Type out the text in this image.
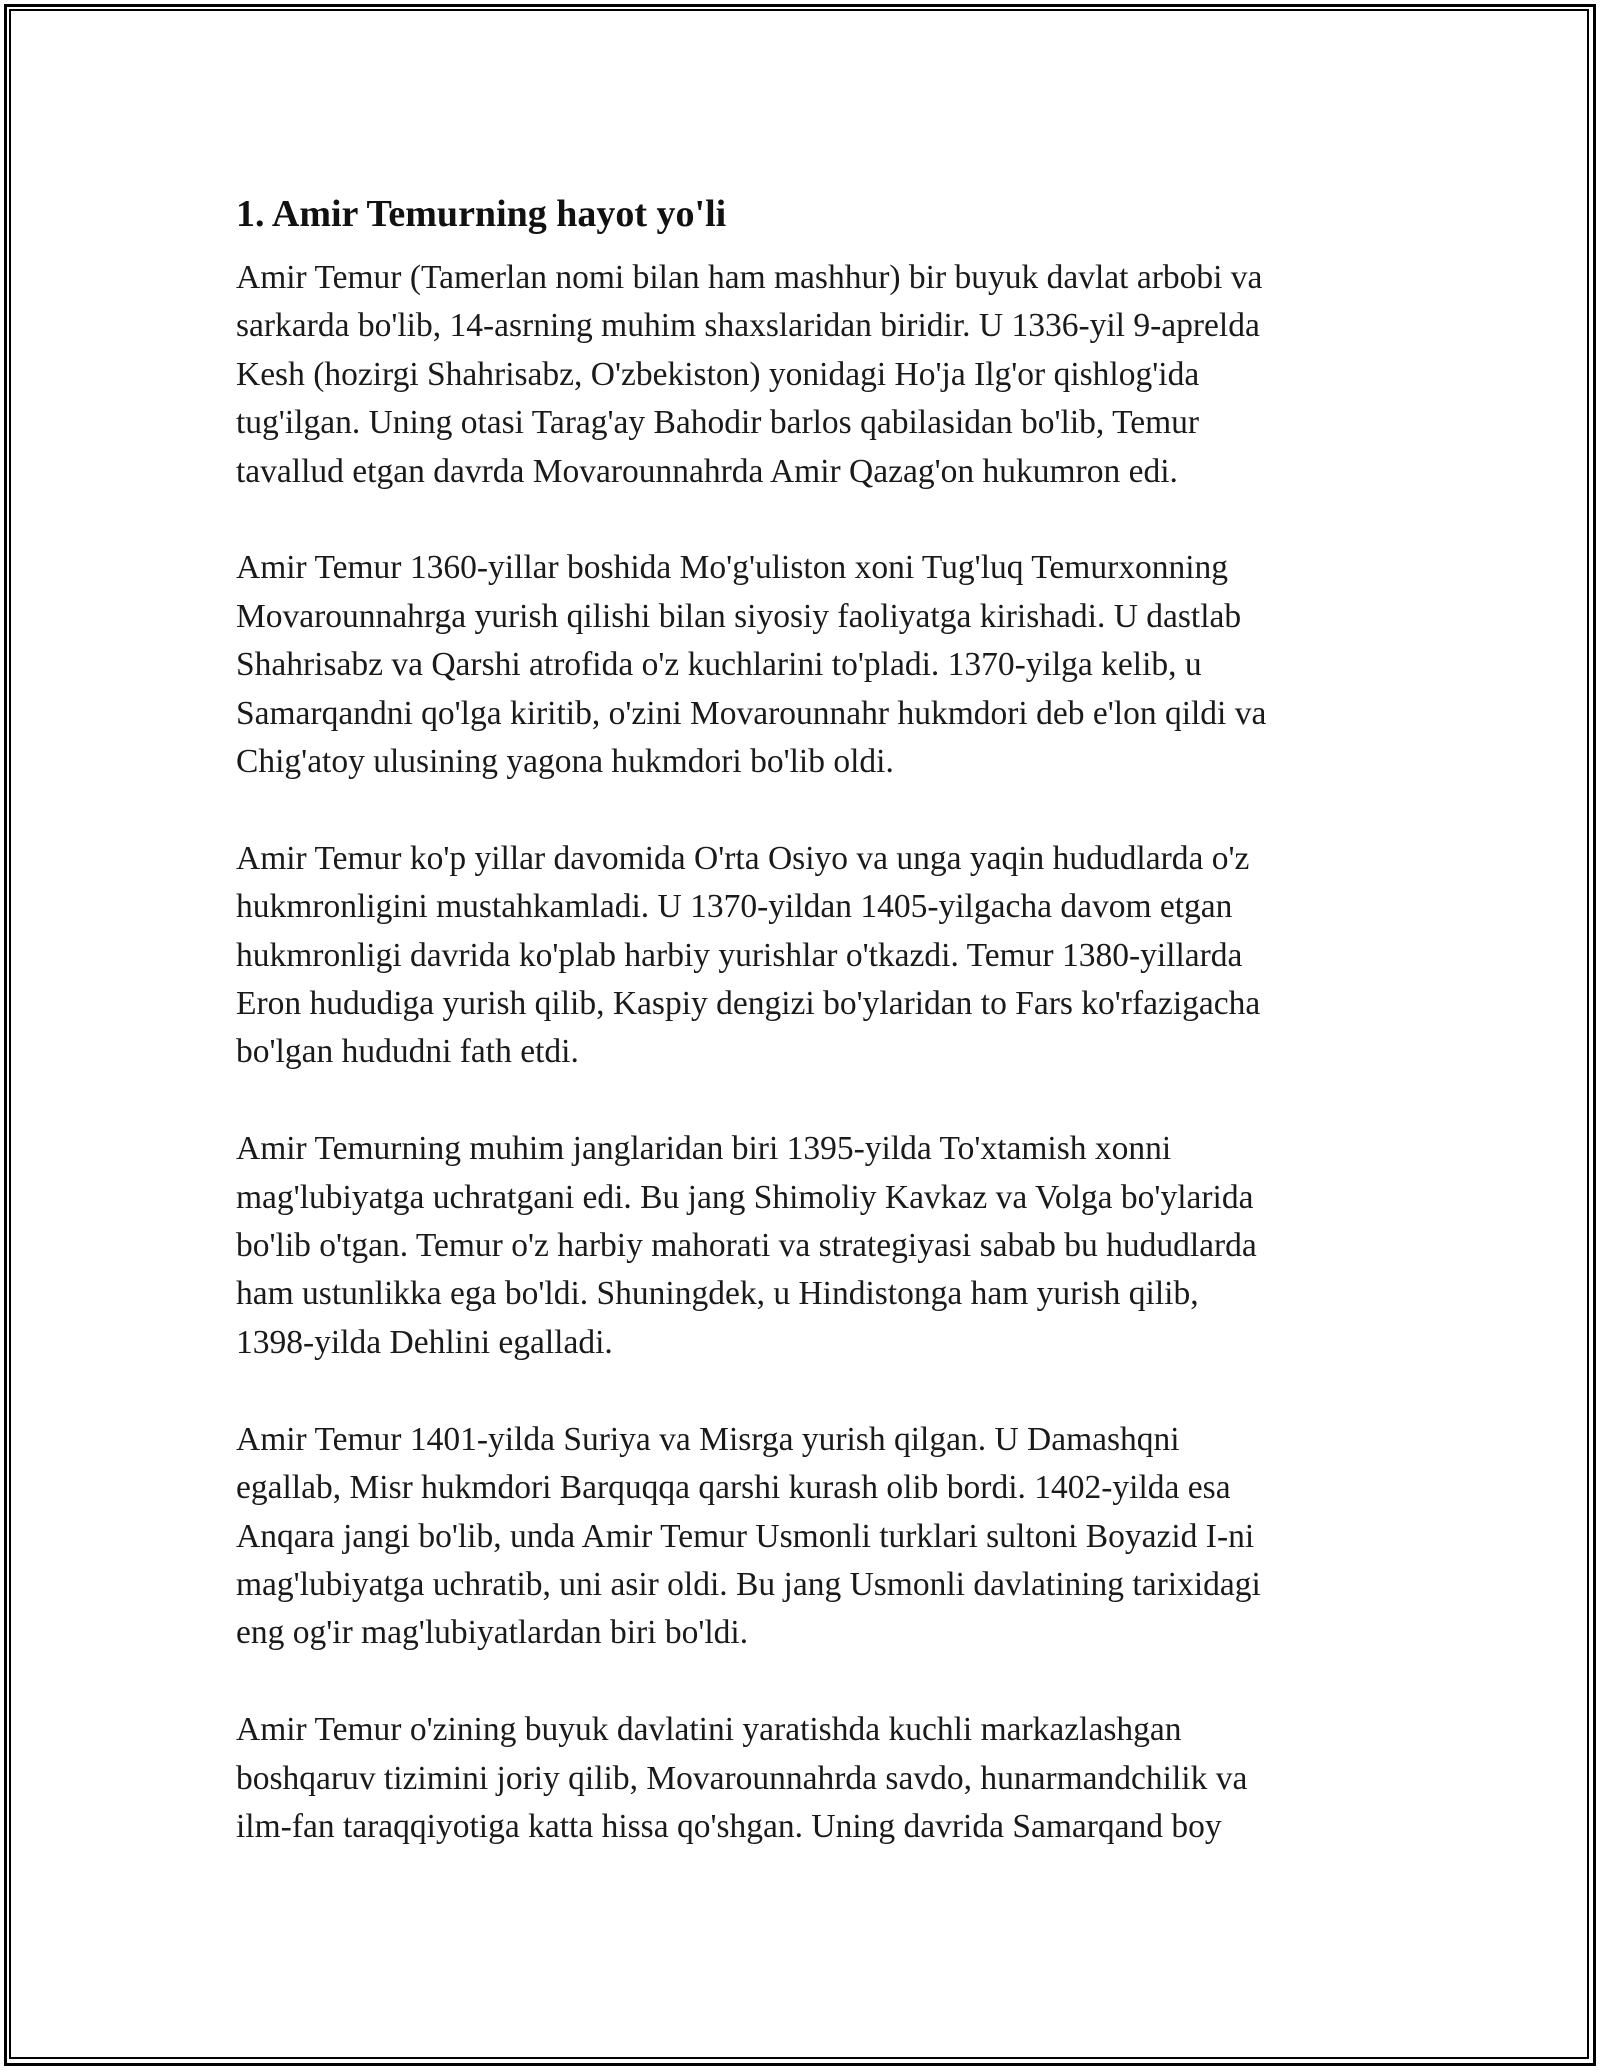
1. Amir Temurning hayot yo'li

Amir Temur (Tamerlan nomi bilan ham mashhur) bir buyuk davlat arbobi va
sarkarda bo'lib, 14-asrning muhim shaxslaridan biridir. U 1336-yil 9-aprelda
Kesh (hozirgi Shahrisabz, O'zbekiston) yonidagi Ho'ja Ilg'or qishlog'ida
tug'ilgan. Uning otasi Tarag'ay Bahodir barlos qabilasidan bo'lib, Temur
tavallud etgan davrda Movarounnahrda Amir Qazag'on hukumron edi.

Amir Temur 1360-yillar boshida Mo'g'uliston xoni Tug'luq Temurxonning
Movarounnahrga yurish qilishi bilan siyosiy faoliyatga kirishadi. U dastlab
Shahrisabz va Qarshi atrofida o'z kuchlarini to'pladi. 1370-yilga kelib, u
Samarqandni qo'lga kiritib, o'zini Movarounnahr hukmdori deb e'lon qildi va
Chig'atoy ulusining yagona hukmdori bo'lib oldi.

Amir Temur ko'p yillar davomida O'rta Osiyo va unga yaqin hududlarda o'z
hukmronligini mustahkamladi. U 1370-yildan 1405-yilgacha davom etgan
hukmronligi davrida ko'plab harbiy yurishlar o'tkazdi. Temur 1380-yillarda
Eron hududiga yurish qilib, Kaspiy dengizi bo'ylaridan to Fars ko'rfazigacha
bo'lgan hududni fath etdi.

Amir Temurning muhim janglaridan biri 1395-yilda To'xtamish xonni
mag'lubiyatga uchratgani edi. Bu jang Shimoliy Kavkaz va Volga bo'ylarida
bo'lib o'tgan. Temur o'z harbiy mahorati va strategiyasi sabab bu hududlarda
ham ustunlikka ega bo'ldi. Shuningdek, u Hindistonga ham yurish qilib,
1398-yilda Dehlini egalladi.

Amir Temur 1401-yilda Suriya va Misrga yurish qilgan. U Damashqni
egallab, Misr hukmdori Barquqqa qarshi kurash olib bordi. 1402-yilda esa
Anqara jangi bo'lib, unda Amir Temur Usmonli turklari sultoni Boyazid I-ni
mag'lubiyatga uchratib, uni asir oldi. Bu jang Usmonli davlatining tarixidagi
eng og'ir mag'lubiyatlardan biri bo'ldi.

Amir Temur o'zining buyuk davlatini yaratishda kuchli markazlashgan
boshqaruv tizimini joriy qilib, Movarounnahrda savdo, hunarmandchilik va
ilm-fan taraqqiyotiga katta hissa qo'shgan. Uning davrida Samarqand boy
